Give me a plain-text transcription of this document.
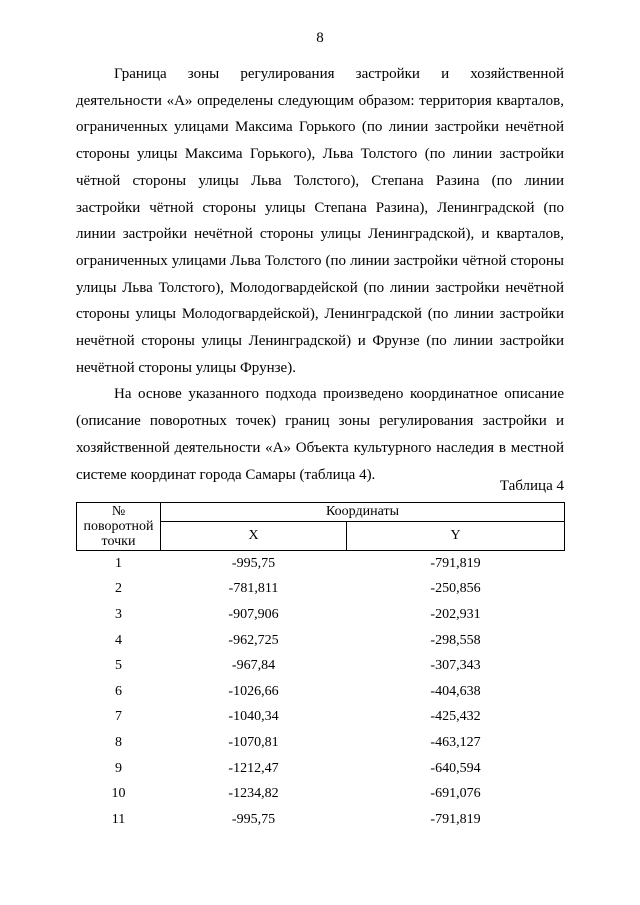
8

Граница зоны регулирования застройки и хозяйственной деятельности «А» определены следующим образом: территория кварталов, ограниченных улицами Максима Горького (по линии застройки нечётной стороны улицы Максима Горького), Льва Толстого (по линии застройки чётной стороны улицы Льва Толстого), Степана Разина (по линии застройки чётной стороны улицы Степана Разина), Ленинградской (по линии застройки нечётной стороны улицы Ленинградской), и кварталов, ограниченных улицами Льва Толстого (по линии застройки чётной стороны улицы Льва Толстого), Молодогвардейской (по линии застройки нечётной стороны улицы Молодогвардейской), Ленинградской (по линии застройки нечётной стороны улицы Ленинградской) и Фрунзе (по линии застройки нечётной стороны улицы Фрунзе).

На основе указанного подхода произведено координатное описание (описание поворотных точек) границ зоны регулирования застройки и хозяйственной деятельности «А» Объекта культурного наследия в местной системе координат города Самары (таблица 4).

Таблица 4
№ поворотной точки	Координаты	
	X	Y
1	-995,75	-791,819
2	-781,811	-250,856
3	-907,906	-202,931
4	-962,725	-298,558
5	-967,84	-307,343
6	-1026,66	-404,638
7	-1040,34	-425,432
8	-1070,81	-463,127
9	-1212,47	-640,594
10	-1234,82	-691,076
11	-995,75	-791,819
